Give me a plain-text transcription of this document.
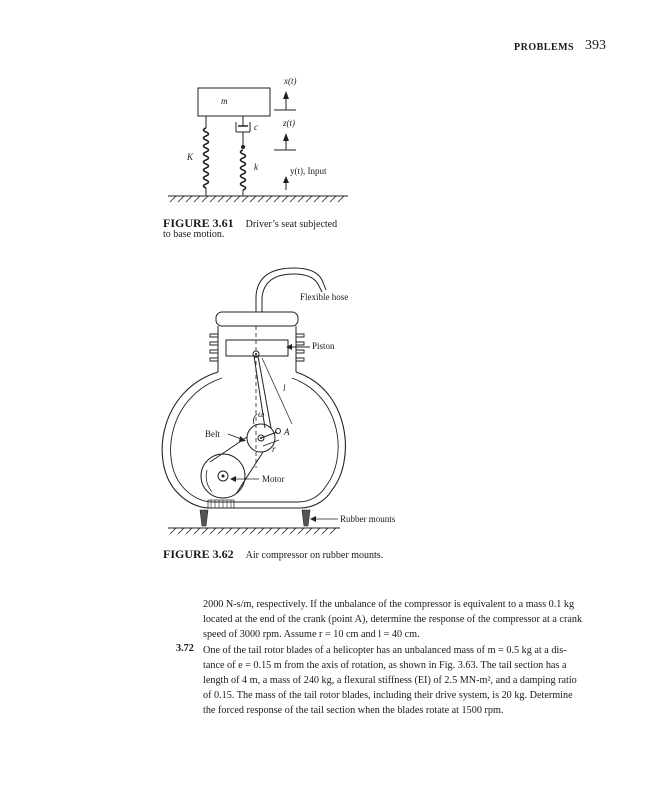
PROBLEMS 393
m
c
K
k
x(t)
z(t)
y(t), Input
FIGURE 3.61 Driver’s seat subjected
to base motion.
Flexible hose
Piston
l
ω
Belt	A
r
Motor
Rubber mounts
FIGURE 3.62 Air compressor on rubber mounts.
2000 N-s/m, respectively. If the unbalance of the compressor is equivalent to a mass 0.1 kg
located at the end of the crank (point A), determine the response of the compressor at a crank
speed of 3000 rpm. Assume r = 10 cm and l = 40 cm.
3.72 One of the tail rotor blades of a helicopter has an unbalanced mass of m = 0.5 kg at a dis-
tance of e = 0.15 m from the axis of rotation, as shown in Fig. 3.63. The tail section has a
length of 4 m, a mass of 240 kg, a flexural stiffness (EI) of 2.5 MN-m², and a damping ratio
of 0.15. The mass of the tail rotor blades, including their drive system, is 20 kg. Determine
the forced response of the tail section when the blades rotate at 1500 rpm.
